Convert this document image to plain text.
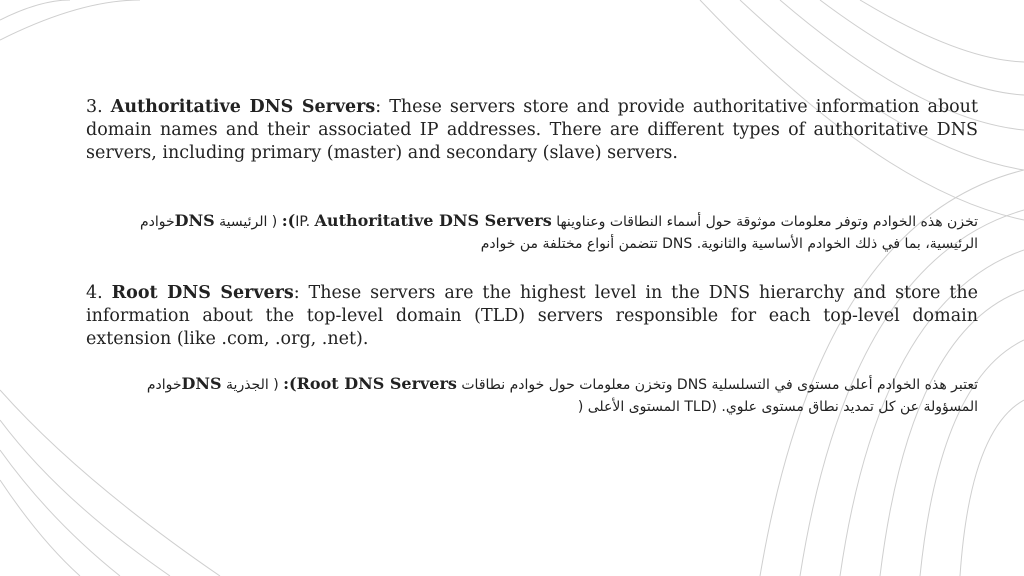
3. Authoritative DNS Servers: These servers store and provide authoritative information about domain names and their associated IP addresses. There are different types of authoritative DNS servers, including primary (master) and secondary (slave) servers.

تخزن هذه الخوادم وتوفر معلومات موثوقة حول أسماء النطاقات وعناوينها IP. Authoritative DNS Servers): ( الرئيسية DNSخوادم
الرئيسية، بما في ذلك الخوادم الأساسية والثانوية. DNS تتضمن أنواع مختلفة من خوادم

4. Root DNS Servers: These servers are the highest level in the DNS hierarchy and store the information about the top-level domain (TLD) servers responsible for each top-level domain extension (like .com, .org, .net).

تعتبر هذه الخوادم أعلى مستوى في التسلسلية DNS وتخزن معلومات حول خوادم نطاقات Root DNS Servers): ( الجذرية DNSخوادم
المسؤولة عن كل تمديد نطاق مستوى علوي. (TLD المستوى الأعلى (
